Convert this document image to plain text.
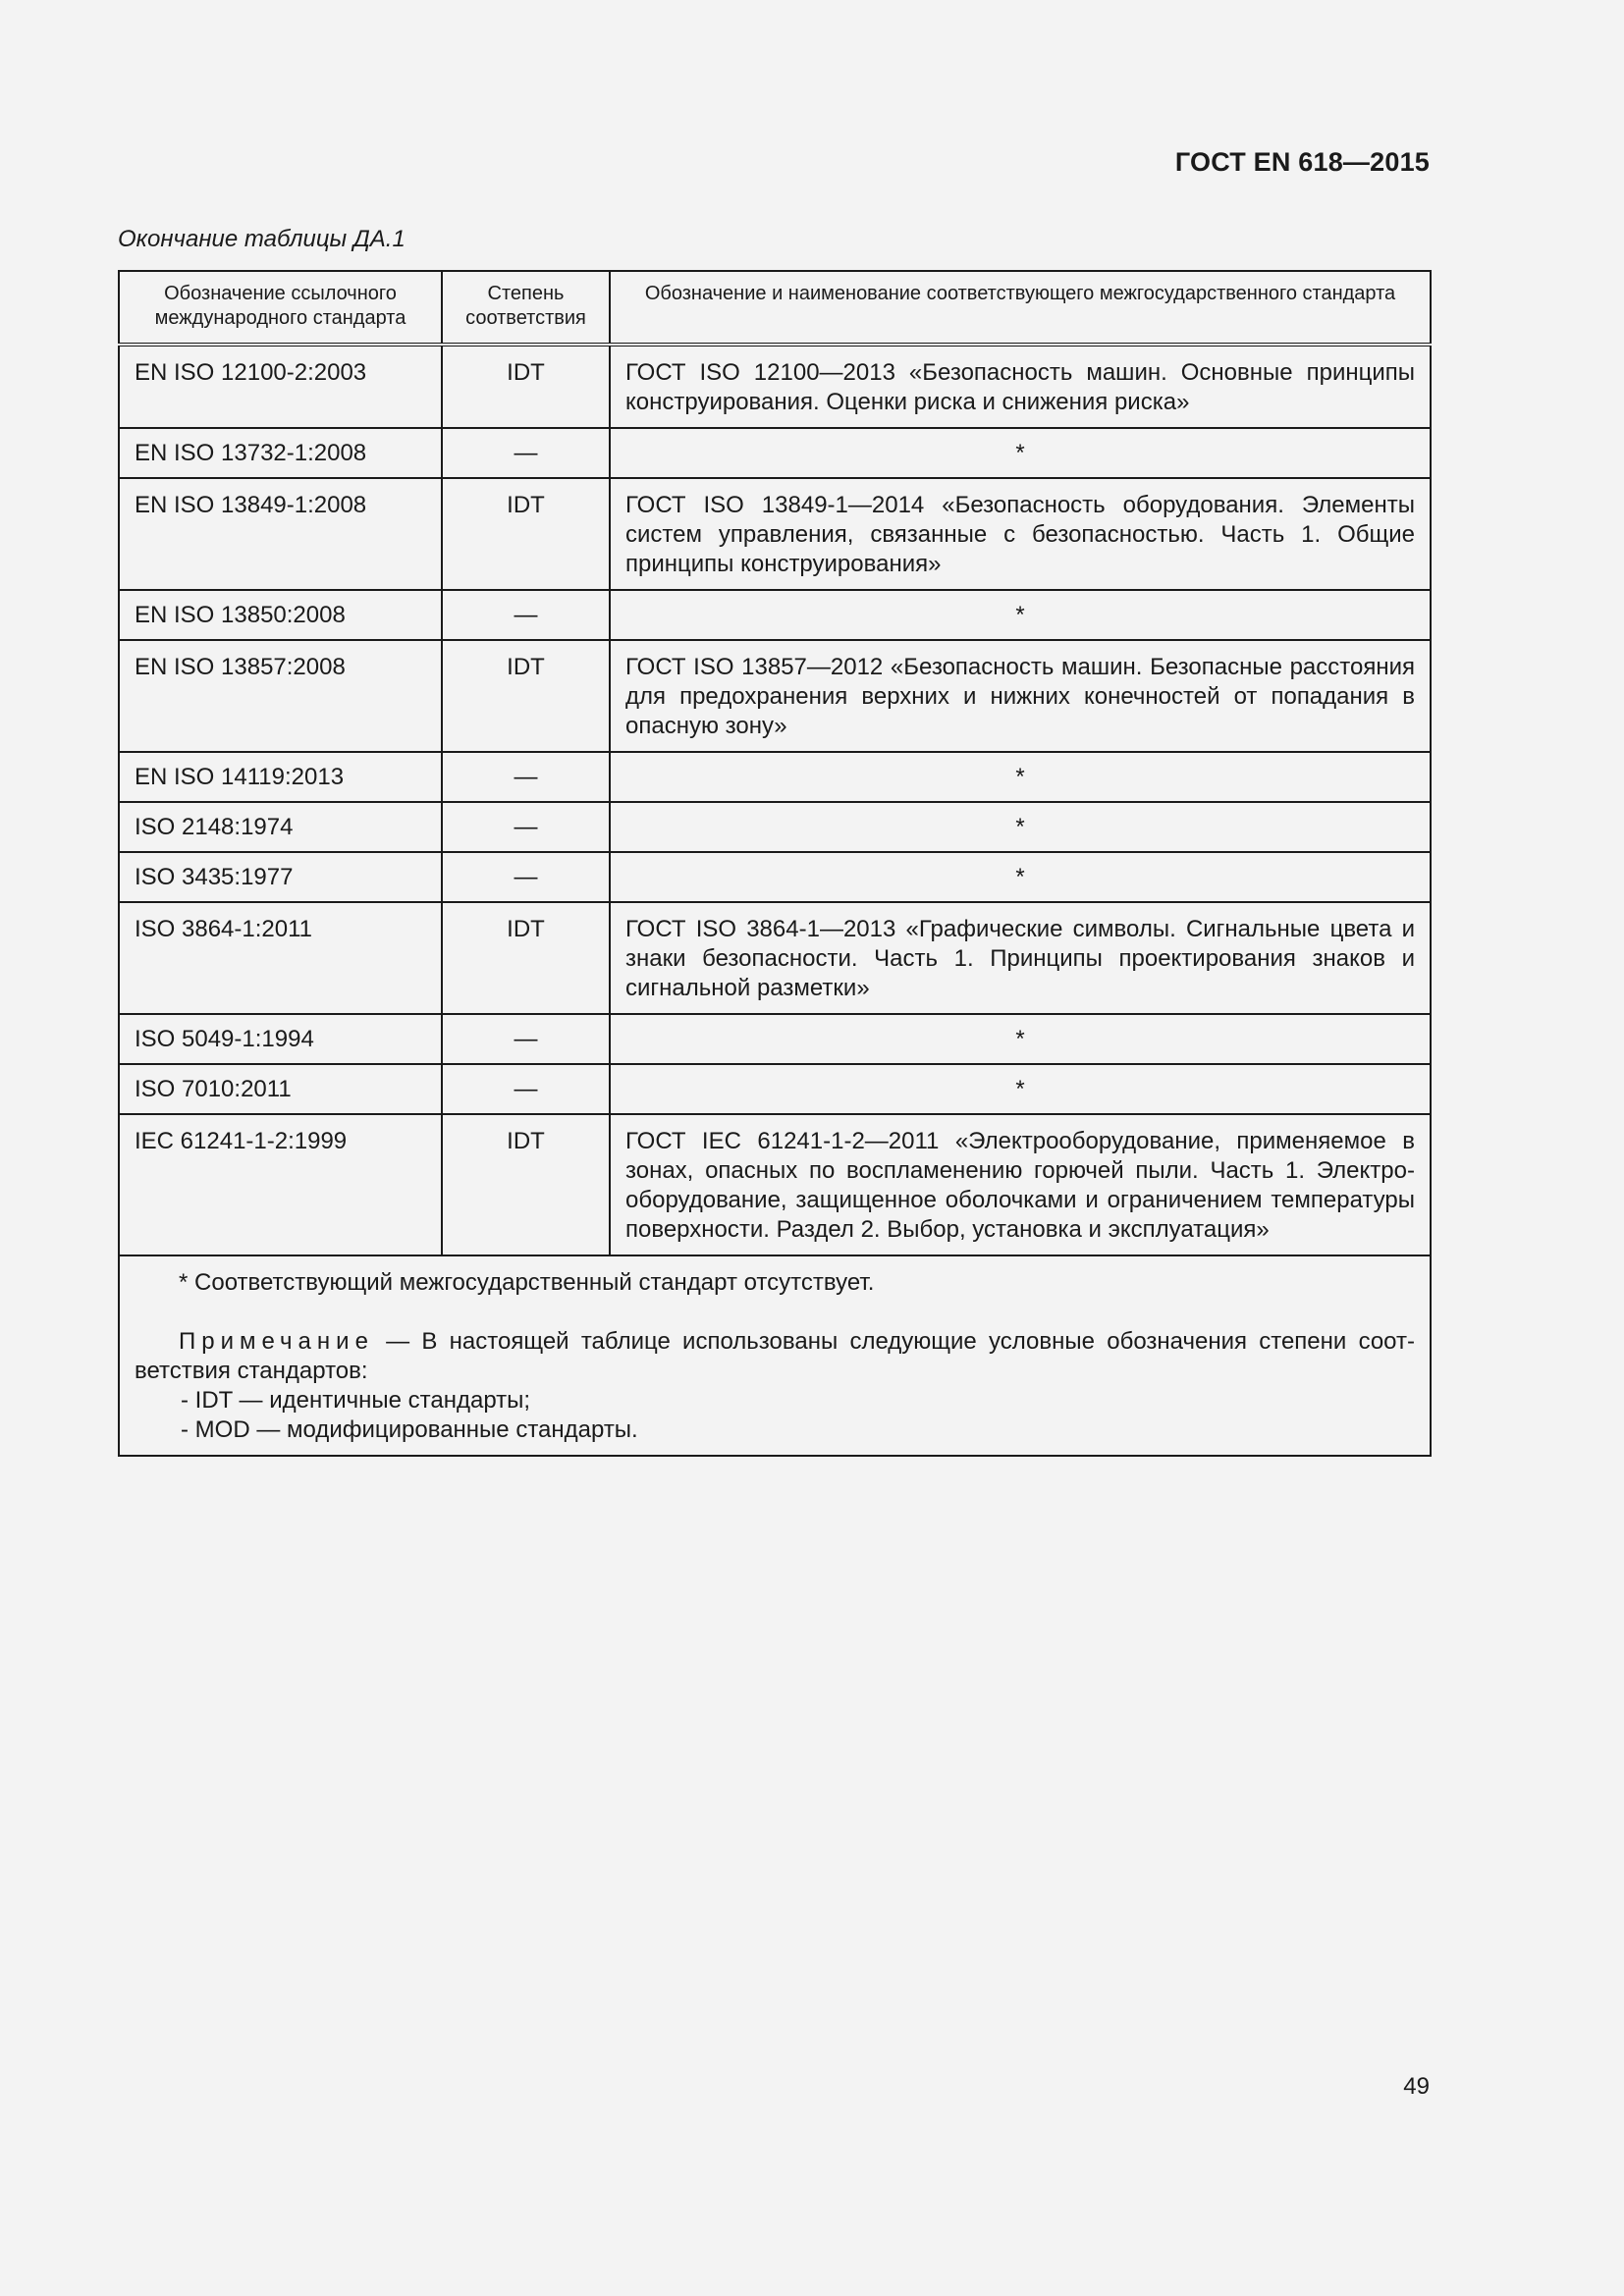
ГОСТ EN 618—2015
Окончание таблицы ДА.1
Обозначение ссылочного международного стандарта	Степень соответствия	Обозначение и наименование соответствующего межгосударственного стандарта
EN ISO 12100-2:2003	IDT	ГОСТ ISO 12100—2013 «Безопасность машин. Основные принципы конструирования. Оценки риска и снижения риска»
EN ISO 13732-1:2008	—	*
EN ISO 13849-1:2008	IDT	ГОСТ ISO 13849-1—2014 «Безопасность оборудования. Элементы систем управления, связанные с безопасностью. Часть 1. Общие принципы конструирования»
EN ISO 13850:2008	—	*
EN ISO 13857:2008	IDT	ГОСТ ISO 13857—2012 «Безопасность машин. Безопасные расстояния для предохранения верхних и нижних конечностей от попадания в опасную зону»
EN ISO 14119:2013	—	*
ISO 2148:1974	—	*
ISO 3435:1977	—	*
ISO 3864-1:2011	IDT	ГОСТ ISO 3864-1—2013 «Графические символы. Сигнальные цвета и знаки безопасности. Часть 1. Принципы проектирования знаков и сигнальной разметки»
ISO 5049-1:1994	—	*
ISO 7010:2011	—	*
IEC 61241-1-2:1999	IDT	ГОСТ IEC 61241-1-2—2011 «Электрооборудование, применяемое в зонах, опасных по воспламенению горючей пыли. Часть 1. Электрооборудование, защищенное оболочками и ограничением температуры поверхности. Раздел 2. Выбор, установка и эксплуатация»

* Соответствующий межгосударственный стандарт отсутствует.
Примечание — В настоящей таблице использованы следующие условные обозначения степени соответствия стандартов:
- IDT — идентичные стандарты;
- MOD — модифицированные стандарты.		
49
